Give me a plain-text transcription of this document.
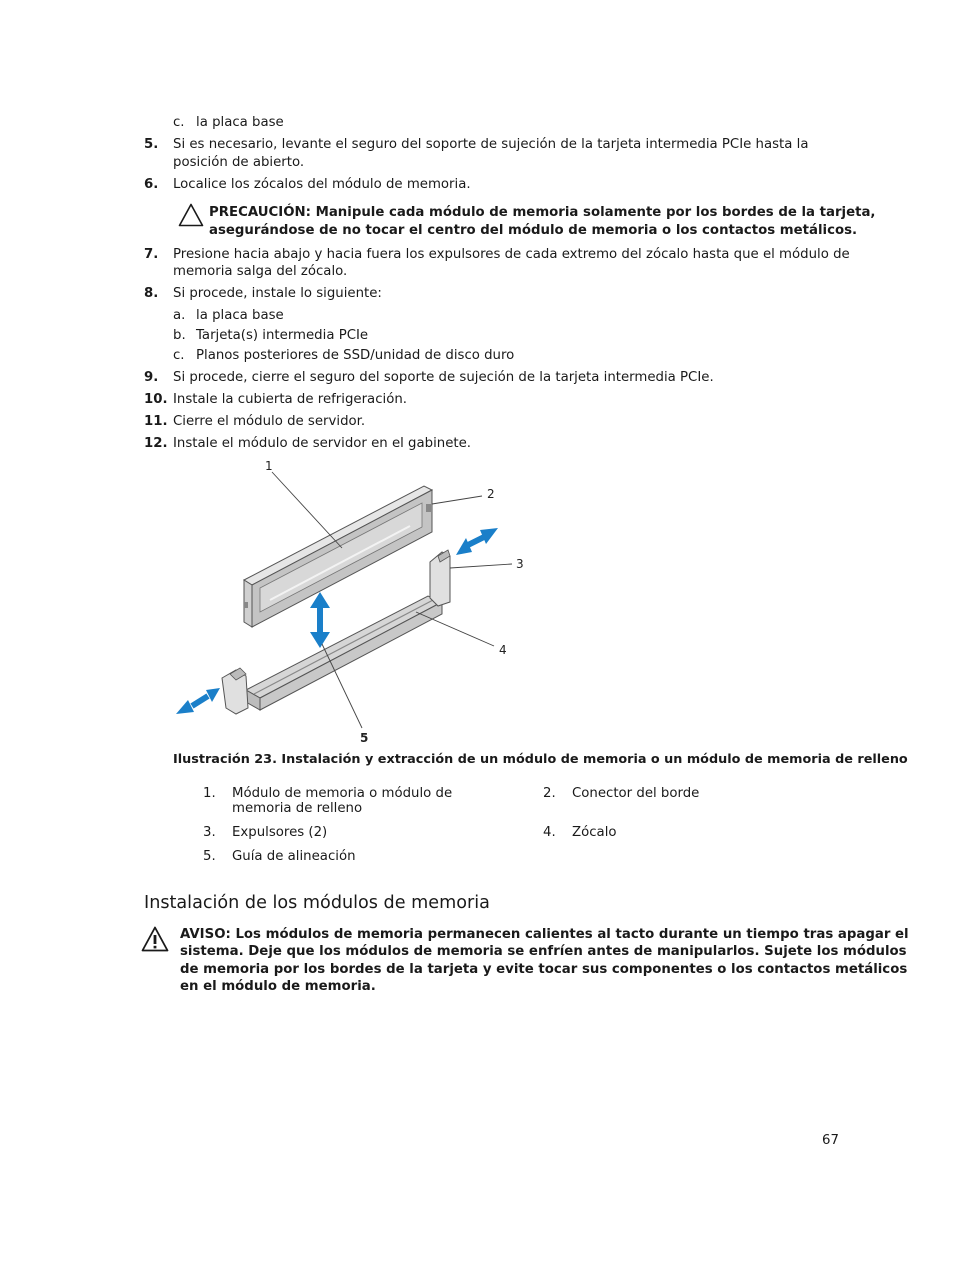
c. la placa base
5. Si es necesario, levante el seguro del soporte de sujeción de la tarjeta intermedia PCIe hasta la
posición de abierto.
6. Localice los zócalos del módulo de memoria.
PRECAUCIÓN: Manipule cada módulo de memoria solamente por los bordes de la tarjeta,
asegurándose de no tocar el centro del módulo de memoria o los contactos metálicos.
7. Presione hacia abajo y hacia fuera los expulsores de cada extremo del zócalo hasta que el módulo de
memoria salga del zócalo.
8. Si procede, instale lo siguiente:
a. la placa base
b. Tarjeta(s) intermedia PCIe
c. Planos posteriores de SSD/unidad de disco duro
9. Si procede, cierre el seguro del soporte de sujeción de la tarjeta intermedia PCIe.
10. Instale la cubierta de refrigeración.
11. Cierre el módulo de servidor.
12. Instale el módulo de servidor en el gabinete.
1
2
3
4
5
Ilustración 23. Instalación y extracción de un módulo de memoria o un módulo de memoria de relleno
1. Módulo de memoria o módulo de
memoria de relleno
2. Conector del borde
3. Expulsores (2)	4. Zócalo
5. Guía de alineación
Instalación de los módulos de memoria
AVISO: Los módulos de memoria permanecen calientes al tacto durante un tiempo tras apagar el
sistema. Deje que los módulos de memoria se enfríen antes de manipularlos. Sujete los módulos
de memoria por los bordes de la tarjeta y evite tocar sus componentes o los contactos metálicos
en el módulo de memoria.
67
